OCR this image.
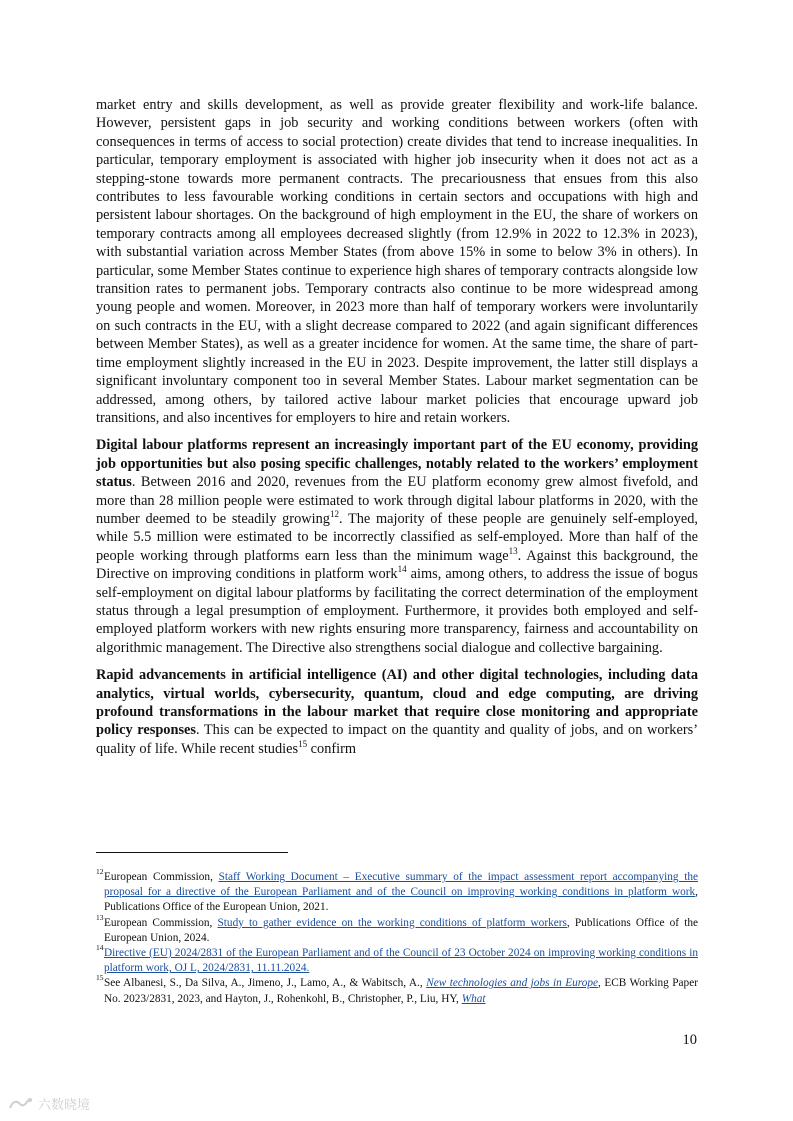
market entry and skills development, as well as provide greater flexibility and work-life balance. However, persistent gaps in job security and working conditions between workers (often with consequences in terms of access to social protection) create divides that tend to increase inequalities. In particular, temporary employment is associated with higher job insecurity when it does not act as a stepping-stone towards more permanent contracts. The precariousness that ensues from this also contributes to less favourable working conditions in certain sectors and occupations with high and persistent labour shortages. On the background of high employment in the EU, the share of workers on temporary contracts among all employees decreased slightly (from 12.9% in 2022 to 12.3% in 2023), with substantial variation across Member States (from above 15% in some to below 3% in others). In particular, some Member States continue to experience high shares of temporary contracts alongside low transition rates to permanent jobs. Temporary contracts also continue to be more widespread among young people and women. Moreover, in 2023 more than half of temporary workers were involuntarily on such contracts in the EU, with a slight decrease compared to 2022 (and again significant differences between Member States), as well as a greater incidence for women. At the same time, the share of part-time employment slightly increased in the EU in 2023. Despite improvement, the latter still displays a significant involuntary component too in several Member States. Labour market segmentation can be addressed, among others, by tailored active labour market policies that encourage upward job transitions, and also incentives for employers to hire and retain workers.

Digital labour platforms represent an increasingly important part of the EU economy, providing job opportunities but also posing specific challenges, notably related to the workers’ employment status. Between 2016 and 2020, revenues from the EU platform economy grew almost fivefold, and more than 28 million people were estimated to work through digital labour platforms in 2020, with the number deemed to be steadily growing$^{12}$. The majority of these people are genuinely self-employed, while 5.5 million were estimated to be incorrectly classified as self-employed. More than half of the people working through platforms earn less than the minimum wage$^{13}$. Against this background, the Directive on improving conditions in platform work$^{14}$ aims, among others, to address the issue of bogus self-employment on digital labour platforms by facilitating the correct determination of the employment status through a legal presumption of employment. Furthermore, it provides both employed and self-employed platform workers with new rights ensuring more transparency, fairness and accountability on algorithmic management. The Directive also strengthens social dialogue and collective bargaining.

Rapid advancements in artificial intelligence (AI) and other digital technologies, including data analytics, virtual worlds, cybersecurity, quantum, cloud and edge computing, are driving profound transformations in the labour market that require close monitoring and appropriate policy responses. This can be expected to impact on the quantity and quality of jobs, and on workers’ quality of life. While recent studies$^{15}$ confirm

12 European Commission, Staff Working Document – Executive summary of the impact assessment report accompanying the proposal for a directive of the European Parliament and of the Council on improving working conditions in platform work, Publications Office of the European Union, 2021.
13 European Commission, Study to gather evidence on the working conditions of platform workers, Publications Office of the European Union, 2024.
14 Directive (EU) 2024/2831 of the European Parliament and of the Council of 23 October 2024 on improving working conditions in platform work, OJ L, 2024/2831, 11.11.2024.
15 See Albanesi, S., Da Silva, A., Jimeno, J., Lamo, A., & Wabitsch, A., New technologies and jobs in Europe, ECB Working Paper No. 2023/2831, 2023, and Hayton, J., Rohenkohl, B., Christopher, P., Liu, HY, What
10
六数晓境
